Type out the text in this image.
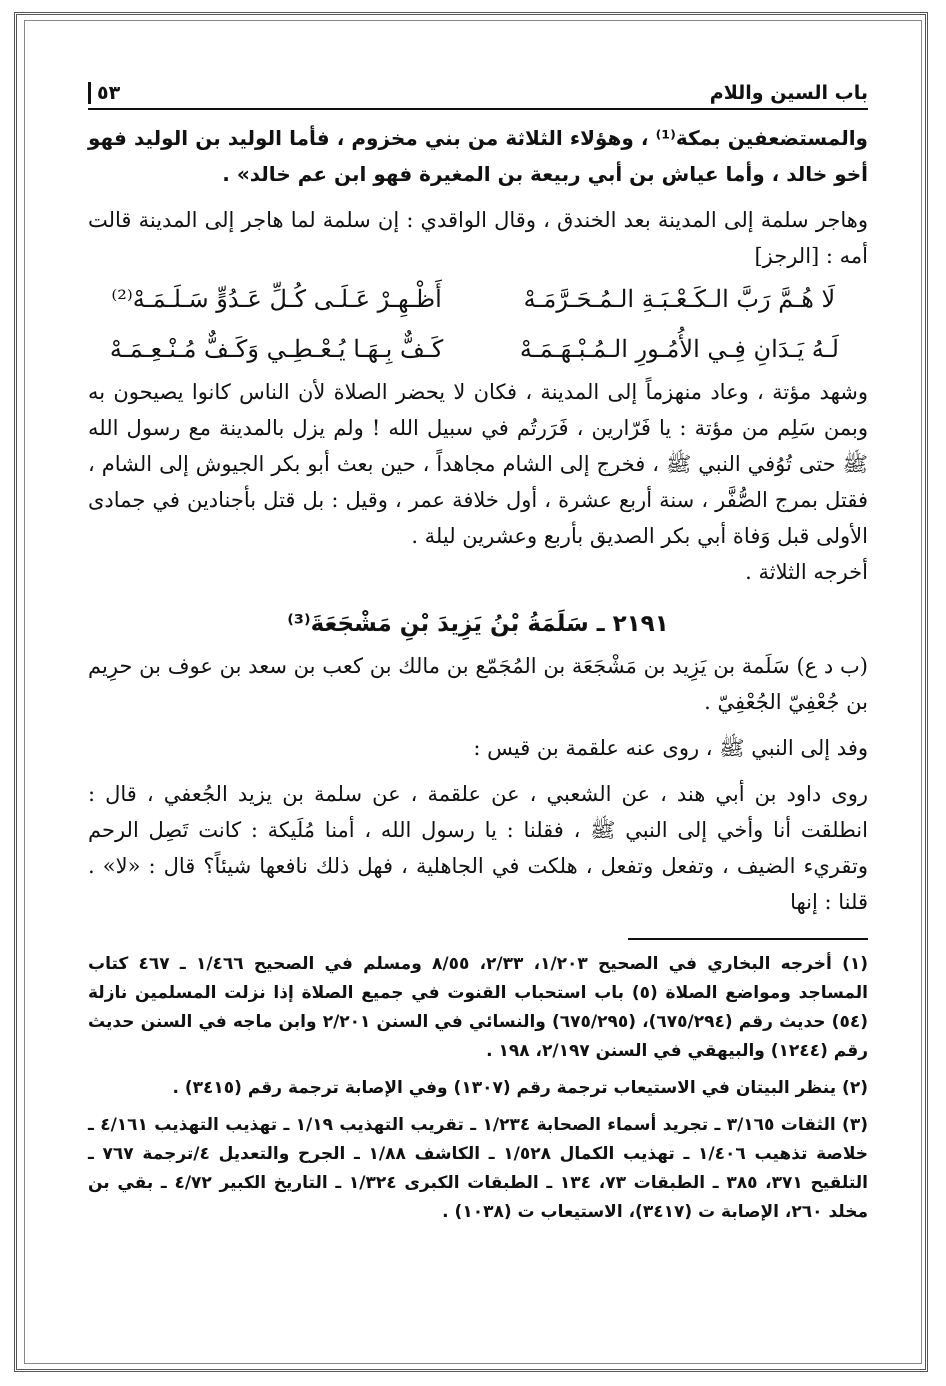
باب السين واللام
٥٣

والمستضعفين بمكة⁽¹⁾ ، وهؤلاء الثلاثة من بني مخزوم ، فأما الوليد بن الوليد فهو أخو خالد ، وأما عياش بن أبي ربيعة بن المغيرة فهو ابن عم خالد» .

وهاجر سلمة إلى المدينة بعد الخندق ، وقال الواقدي : إن سلمة لما هاجر إلى المدينة قالت أمه : [الرجز]

لَا هُـمَّ رَبَّ الـكَـعْـبَـةِ الـمُـحَـرَّمَـهْ
أَظْـهِـرْ عَـلَـى كُـلِّ عَـدُوٍّ سَـلَـمَـهْ⁽²⁾
لَـهُ يَـدَانِ فِـي الأُمُـورِ الـمُـبْـهَـمَـهْ
كَـفٌّ بِـهَـا يُـعْـطِـي وَكَـفٌّ مُـنْـعِـمَـهْ

وشهد مؤتة ، وعاد منهزماً إلى المدينة ، فكان لا يحضر الصلاة لأن الناس كانوا يصيحون به وبمن سَلِم من مؤتة : يا فَرّارين ، فَرَرتُم في سبيل الله ! ولم يزل بالمدينة مع رسول الله ﷺ حتى تُوُفي النبي ﷺ ، فخرج إلى الشام مجاهداً ، حين بعث أبو بكر الجيوش إلى الشام ، فقتل بمرج الصُّفَّر ، سنة أربع عشرة ، أول خلافة عمر ، وقيل : بل قتل بأجنادين في جمادى الأولى قبل وَفاة أبي بكر الصديق بأربع وعشرين ليلة .

أخرجه الثلاثة .

٢١٩١ ـ سَلَمَةُ بْنُ يَزِيدَ بْنِ مَشْجَعَةَ⁽³⁾

(ب د ع) سَلَمة بن يَزِيد بن مَشْجَعَة بن المُجَمّع بن مالك بن كعب بن سعد بن عوف بن حرِيم بن جُعْفِيّ الجُعْفِيّ .

وفد إلى النبي ﷺ ، روى عنه علقمة بن قيس :

روى داود بن أبي هند ، عن الشعبي ، عن علقمة ، عن سلمة بن يزيد الجُعفي ، قال : انطلقت أنا وأخي إلى النبي ﷺ ، فقلنا : يا رسول الله ، أمنا مُلَيكة : كانت تَصِل الرحم وتقريء الضيف ، وتفعل وتفعل ، هلكت في الجاهلية ، فهل ذلك نافعها شيئاً؟ قال : «لا» . قلنا : إنها

(١) أخرجه البخاري في الصحيح ١/٢٠٣، ٢/٣٣، ٨/٥٥ ومسلم في الصحيح ١/٤٦٦ ـ ٤٦٧ كتاب المساجد ومواضع الصلاة (٥) باب استحباب القنوت في جميع الصلاة إذا نزلت المسلمين نازلة (٥٤) حديث رقم (٦٧٥/٢٩٤)، (٦٧٥/٢٩٥) والنسائي في السنن ٢/٢٠١ وابن ماجه في السنن حديث رقم (١٢٤٤) والبيهقي في السنن ٢/١٩٧، ١٩٨ .

(٢) ينظر البيتان في الاستيعاب ترجمة رقم (١٣٠٧) وفي الإصابة ترجمة رقم (٣٤١٥) .

(٣) الثقات ٣/١٦٥ ـ تجريد أسماء الصحابة ١/٢٣٤ ـ تقريب التهذيب ١/١٩ ـ تهذيب التهذيب ٤/١٦١ ـ خلاصة تذهيب ١/٤٠٦ ـ تهذيب الكمال ١/٥٢٨ ـ الكاشف ١/٨٨ ـ الجرح والتعديل ٤/ترجمة ٧٦٧ ـ التلقيح ٣٧١، ٣٨٥ ـ الطبقات ٧٣، ١٣٤ ـ الطبقات الكبرى ١/٣٢٤ ـ التاريخ الكبير ٤/٧٢ ـ بقي بن مخلد ٢٦٠، الإصابة ت (٣٤١٧)، الاستيعاب ت (١٠٣٨) .
